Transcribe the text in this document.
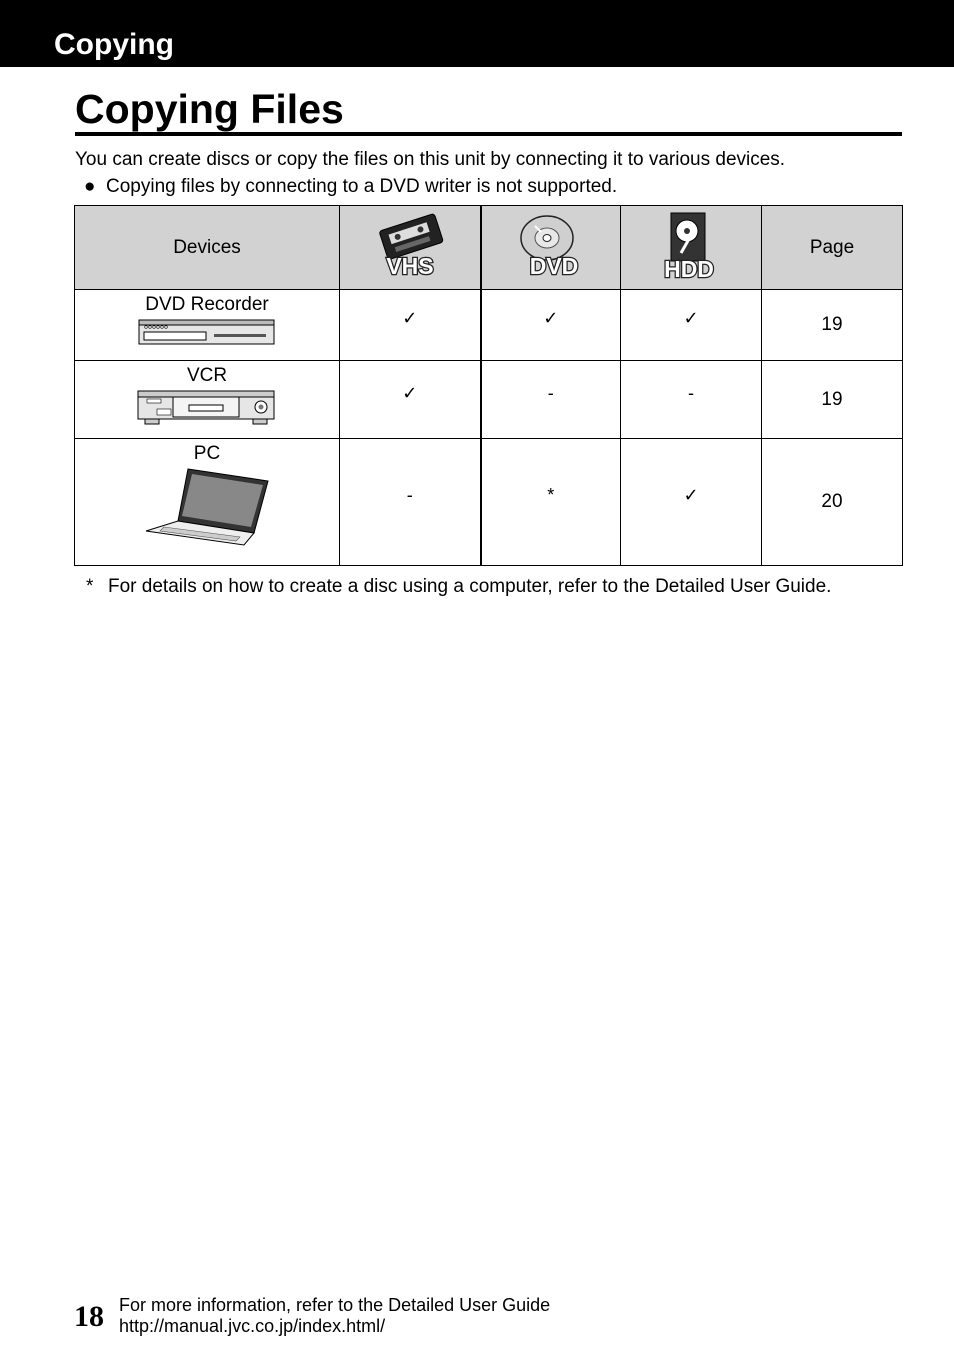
Copying
Copying Files

You can create discs or copy the files on this unit by connecting it to various devices.

● Copying files by connecting to a DVD writer is not supported.

Devices	VHS	DVD	HDD	Page

DVD Recorder	✓	✓	✓	19

VCR	✓	-	-	19

PC	-	*	✓	20

* For details on how to create a disc using a computer, refer to the Detailed User Guide.

18 For more information, refer to the Detailed User Guide
http://manual.jvc.co.jp/index.html/
